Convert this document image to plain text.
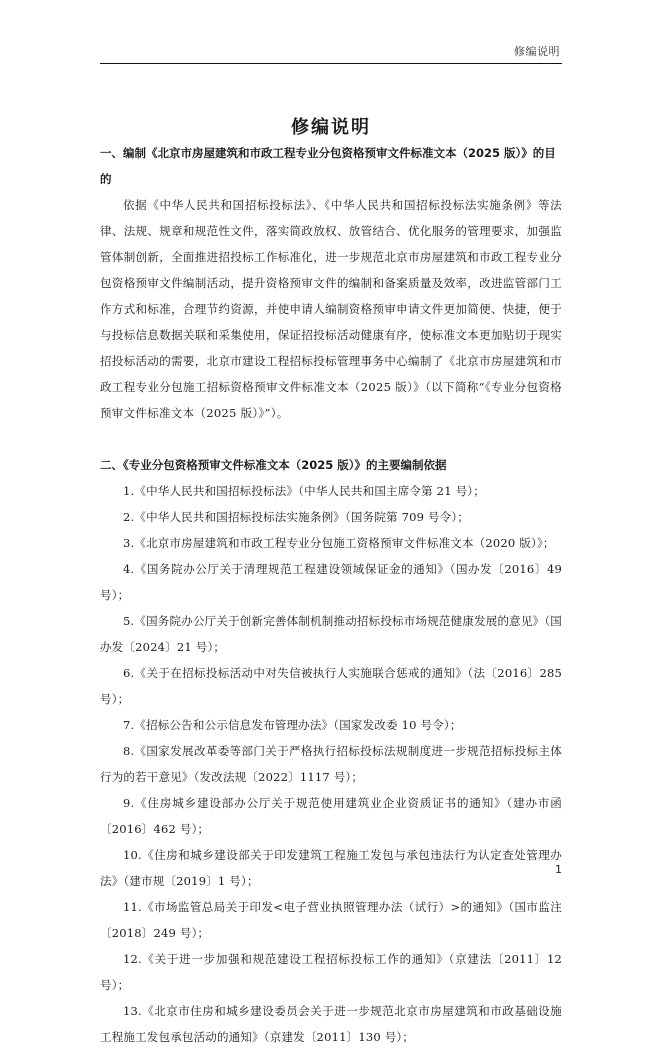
修编说明
修编说明

一、编制《北京市房屋建筑和市政工程专业分包资格预审文件标准文本（2025 版）》的目的

依据《中华人民共和国招标投标法》、《中华人民共和国招标投标法实施条例》等法律、法规、规章和规范性文件，落实简政放权、放管结合、优化服务的管理要求，加强监管体制创新，全面推进招投标工作标准化，进一步规范北京市房屋建筑和市政工程专业分包资格预审文件编制活动，提升资格预审文件的编制和备案质量及效率，改进监管部门工作方式和标准，合理节约资源，并使申请人编制资格预审申请文件更加简便、快捷，便于与投标信息数据关联和采集使用，保证招投标活动健康有序，使标准文本更加贴切于现实招投标活动的需要，北京市建设工程招标投标管理事务中心编制了《北京市房屋建筑和市政工程专业分包施工招标资格预审文件标准文本（2025 版）》（以下简称“《专业分包资格预审文件标准文本（2025 版）》”）。

二、《专业分包资格预审文件标准文本（2025 版）》的主要编制依据

1.《中华人民共和国招标投标法》（中华人民共和国主席令第 21 号）；

2.《中华人民共和国招标投标法实施条例》（国务院第 709 号令）；

3.《北京市房屋建筑和市政工程专业分包施工资格预审文件标准文本（2020 版）》；

4.《国务院办公厅关于清理规范工程建设领域保证金的通知》（国办发〔2016〕49 号）；

5.《国务院办公厅关于创新完善体制机制推动招标投标市场规范健康发展的意见》（国办发〔2024〕21 号）；

6.《关于在招标投标活动中对失信被执行人实施联合惩戒的通知》（法〔2016〕285 号）；

7.《招标公告和公示信息发布管理办法》（国家发改委 10 号令）；

8.《国家发展改革委等部门关于严格执行招标投标法规制度进一步规范招标投标主体行为的若干意见》（发改法规〔2022〕1117 号）；

9.《住房城乡建设部办公厅关于规范使用建筑业企业资质证书的通知》（建办市函〔2016〕462 号）；

10.《住房和城乡建设部关于印发建筑工程施工发包与承包违法行为认定查处管理办法》（建市规〔2019〕1 号）；

11.《市场监管总局关于印发<电子营业执照管理办法（试行）>的通知》（国市监注〔2018〕249 号）；

12.《关于进一步加强和规范建设工程招标投标工作的通知》（京建法〔2011〕12 号）；

13.《北京市住房和城乡建设委员会关于进一步规范北京市房屋建筑和市政基础设施工程施工发包承包活动的通知》（京建发〔2011〕130 号）；

1
